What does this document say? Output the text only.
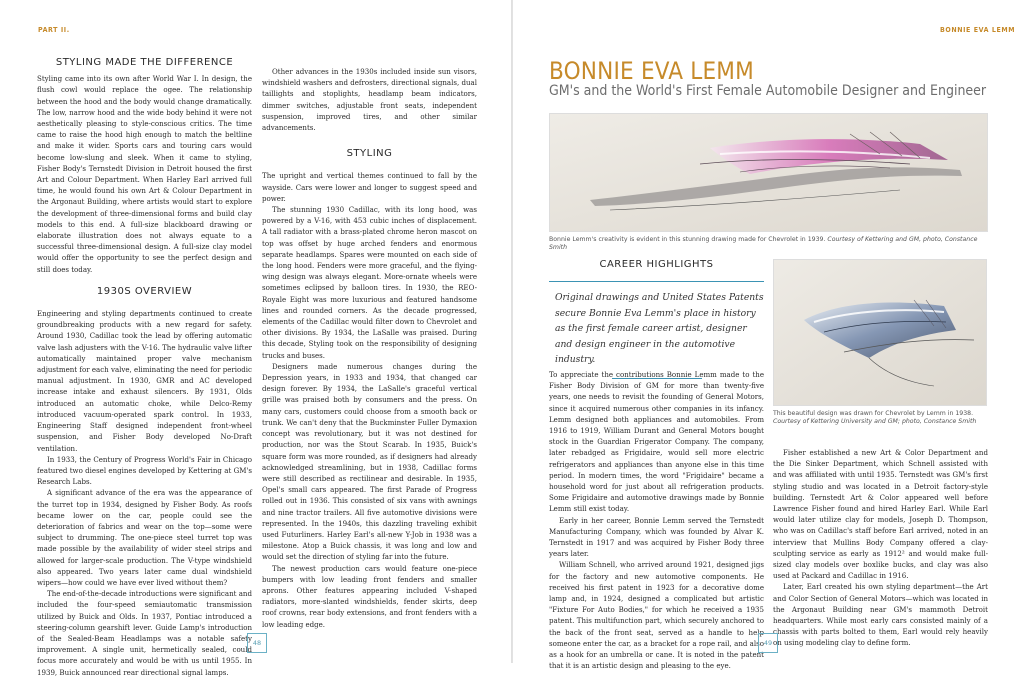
PART II.
STYLING MADE THE DIFFERENCE

Styling came into its own after World War I. In design, the flush cowl would replace the ogee. The relationship between the hood and the body would change dramatically. The low, narrow hood and the wide body behind it were not aesthetically pleasing to style-conscious critics. The time came to raise the hood high enough to match the beltline and make it wider. Sports cars and touring cars would become low-slung and sleek. When it came to styling, Fisher Body's Ternstedt Division in Detroit housed the first Art and Colour Department. When Harley Earl arrived full time, he would found his own Art & Colour Department in the Argonaut Building, where artists would start to explore the development of three-dimensional forms and build clay models to this end. A full-size blackboard drawing or elaborate illustration does not always equate to a successful three-dimensional design. A full-size clay model would offer the opportunity to see the perfect design and still does today.

1930S OVERVIEW

Engineering and styling departments continued to create groundbreaking products with a new regard for safety. Around 1930, Cadillac took the lead by offering automatic valve lash adjusters with the V-16. The hydraulic valve lifter automatically maintained proper valve mechanism adjustment for each valve, eliminating the need for periodic manual adjustment. In 1930, GMR and AC developed increase intake and exhaust silencers. By 1931, Olds introduced an automatic choke, while Delco-Remy introduced vacuum-operated spark control. In 1933, Engineering Staff designed independent front-wheel suspension, and Fisher Body developed No-Draft ventilation.

In 1933, the Century of Progress World's Fair in Chicago featured two diesel engines developed by Kettering at GM's Research Labs.

A significant advance of the era was the appearance of the turret top in 1934, designed by Fisher Body. As roofs became lower on the car, people could see the deterioration of fabrics and wear on the top—some were subject to drumming. The one-piece steel turret top was made possible by the availability of wider steel strips and allowed for larger-scale production. The V-type windshield also appeared. Two years later came dual windshield wipers—how could we have ever lived without them?

The end-of-the-decade introductions were significant and included the four-speed semiautomatic transmission utilized by Buick and Olds. In 1937, Pontiac introduced a steering-column gearshift lever. Guide Lamp's introduction of the Sealed-Beam Headlamps was a notable safety improvement. A single unit, hermetically sealed, could focus more accurately and would be with us until 1955. In 1939, Buick announced rear directional signal lamps.

Other advances in the 1930s included inside sun visors, windshield washers and defrosters, directional signals, dual taillights and stoplights, headlamp beam indicators, dimmer switches, adjustable front seats, independent suspension, improved tires, and other similar advancements.

STYLING

The upright and vertical themes continued to fall by the wayside. Cars were lower and longer to suggest speed and power.

The stunning 1930 Cadillac, with its long hood, was powered by a V-16, with 453 cubic inches of displacement. A tall radiator with a brass-plated chrome heron mascot on top was offset by huge arched fenders and enormous separate headlamps. Spares were mounted on each side of the long hood. Fenders were more graceful, and the flying-wing design was always elegant. More-ornate wheels were sometimes eclipsed by balloon tires. In 1930, the REO-Royale Eight was more luxurious and featured handsome lines and rounded corners. As the decade progressed, elements of the Cadillac would filter down to Chevrolet and other divisions. By 1934, the LaSalle was praised. During this decade, Styling took on the responsibility of designing trucks and buses.

Designers made numerous changes during the Depression years, in 1933 and 1934, that changed car design forever. By 1934, the LaSalle's graceful vertical grille was praised both by consumers and the press. On many cars, customers could choose from a smooth back or trunk. We can't deny that the Buckminster Fuller Dymaxion concept was revolutionary, but it was not destined for production, nor was the Stout Scarab. In 1935, Buick's square form was more rounded, as if designers had already acknowledged streamlining, but in 1938, Cadillac forms were still described as rectilinear and desirable. In 1935, Opel's small cars appeared. The first Parade of Progress rolled out in 1936. This consisted of six vans with awnings and nine tractor trailers. All five automotive divisions were represented. In the 1940s, this dazzling traveling exhibit used Futurliners. Harley Earl's all-new Y-Job in 1938 was a milestone. Atop a Buick chassis, it was long and low and would set the direction of styling far into the future.

The newest production cars would feature one-piece bumpers with low leading front fenders and smaller aprons. Other features appearing included V-shaped radiators, more-slanted windshields, fender skirts, deep roof crowns, rear body extensions, and front fenders with a low leading edge.

48
BONNIE EVA LEMM
BONNIE EVA LEMM
GM's and the World's First Female Automobile Designer and Engineer
Bonnie Lemm's creativity is evident in this stunning drawing made for Chevrolet in 1939. Courtesy of Kettering and GM, photo, Constance Smith
CAREER HIGHLIGHTS

Original drawings and United States Patents secure Bonnie Eva Lemm's place in history as the first female career artist, designer and design engineer in the automotive industry.

This beautiful design was drawn for Chevrolet by Lemm in 1938.
Courtesy of Kettering University and GM; photo, Constance Smith

To appreciate the contributions Bonnie Lemm made to the Fisher Body Division of GM for more than twenty-five years, one needs to revisit the founding of General Motors, since it acquired numerous other companies in its infancy. Lemm designed both appliances and automobiles. From 1916 to 1919, William Durant and General Motors bought stock in the Guardian Frigerator Company. The company, later rebadged as Frigidaire, would sell more electric refrigerators and appliances than anyone else in this time period. In modern times, the word "Frigidaire" became a household word for just about all refrigeration products. Some Frigidaire and automotive drawings made by Bonnie Lemm still exist today.

Early in her career, Bonnie Lemm served the Ternstedt Manufacturing Company, which was founded by Alvar K. Ternstedt in 1917 and was acquired by Fisher Body three years later.

William Schnell, who arrived around 1921, designed jigs for the factory and new automotive components. He received his first patent in 1923 for a decorative dome lamp and, in 1924, designed a complicated but artistic "Fixture For Auto Bodies," for which he received a 1935 patent. This multifunction part, which securely anchored to the back of the front seat, served as a handle to help someone enter the car, as a bracket for a rope rail, and also as a hook for an umbrella or cane. It is noted in the patent that it is an artistic design and pleasing to the eye.

Fisher established a new Art & Color Department and the Die Sinker Department, which Schnell assisted with and was affiliated with until 1935. Ternstedt was GM's first styling studio and was located in a Detroit factory-style building. Ternstedt Art & Color appeared well before Lawrence Fisher found and hired Harley Earl. While Earl would later utilize clay for models, Joseph D. Thompson, who was on Cadillac's staff before Earl arrived, noted in an interview that Mullins Body Company offered a clay-sculpting service as early as 1912² and would make full-sized clay models over boxlike bucks, and clay was also used at Packard and Cadillac in 1916.

Later, Earl created his own styling department—the Art and Color Section of General Motors—which was located in the Argonaut Building near GM's mammoth Detroit headquarters. While most early cars consisted mainly of a chassis with parts bolted to them, Earl would rely heavily on using modeling clay to define form.

49
